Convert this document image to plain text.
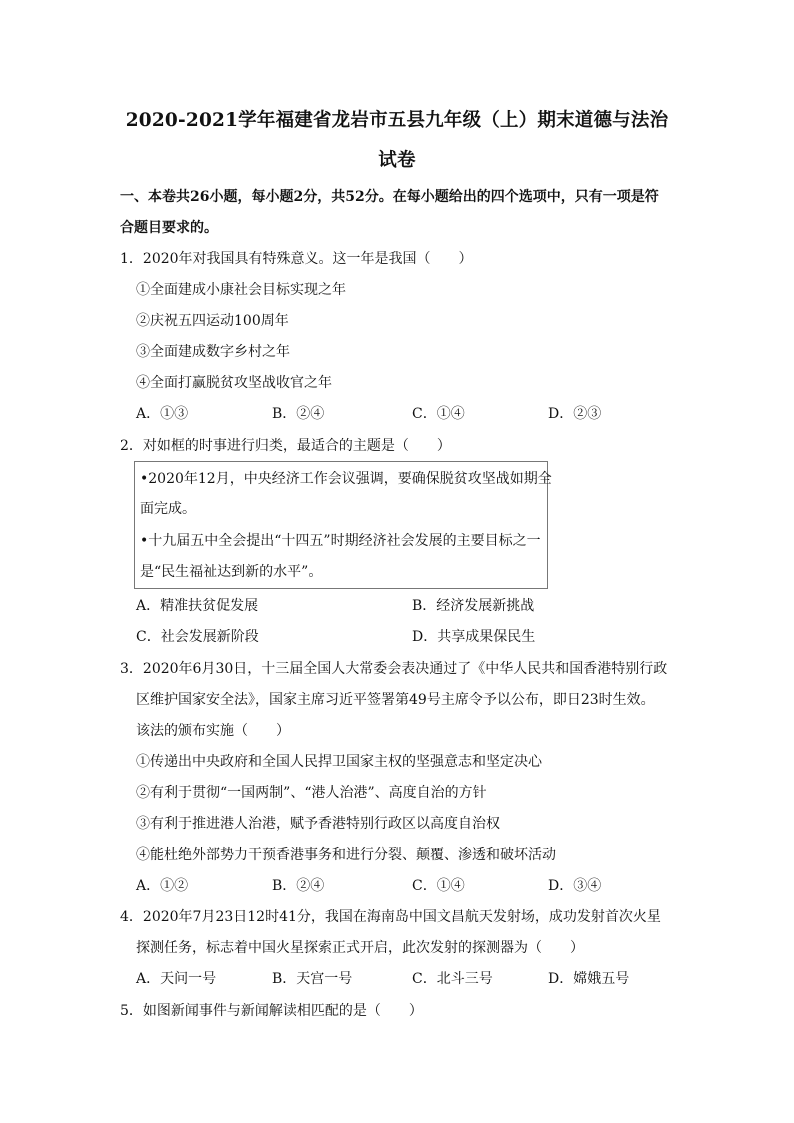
2020-2021学年福建省龙岩市五县九年级（上）期末道德与法治
试卷
一、本卷共26小题，每小题2分，共52分。在每小题给出的四个选项中，只有一项是符
合题目要求的。
1．2020年对我国具有特殊意义。这一年是我国（　　）
①全面建成小康社会目标实现之年
②庆祝五四运动100周年
③全面建成数字乡村之年
④全面打赢脱贫攻坚战收官之年
A．①③	B．②④	C．①④	D．②③
2．对如框的时事进行归类，最适合的主题是（　　）
•2020年12月，中央经济工作会议强调，要确保脱贫攻坚战如期全
面完成。
•十九届五中全会提出“十四五”时期经济社会发展的主要目标之一
是“民生福祉达到新的水平”。
A．精准扶贫促发展	B．经济发展新挑战
C．社会发展新阶段	D．共享成果保民生
3．2020年6月30日，十三届全国人大常委会表决通过了《中华人民共和国香港特别行政
区维护国家安全法》，国家主席习近平签署第49号主席令予以公布，即日23时生效。
该法的颁布实施（　　）
①传递出中央政府和全国人民捍卫国家主权的坚强意志和坚定决心
②有利于贯彻“一国两制”、“港人治港”、高度自治的方针
③有利于推进港人治港，赋予香港特别行政区以高度自治权
④能杜绝外部势力干预香港事务和进行分裂、颠覆、渗透和破坏活动
A．①②	B．②④	C．①④	D．③④
4．2020年7月23日12时41分，我国在海南岛中国文昌航天发射场，成功发射首次火星
探测任务，标志着中国火星探索正式开启，此次发射的探测器为（　　）
A．天问一号	B．天宫一号	C．北斗三号	D．嫦娥五号
5．如图新闻事件与新闻解读相匹配的是（　　）
